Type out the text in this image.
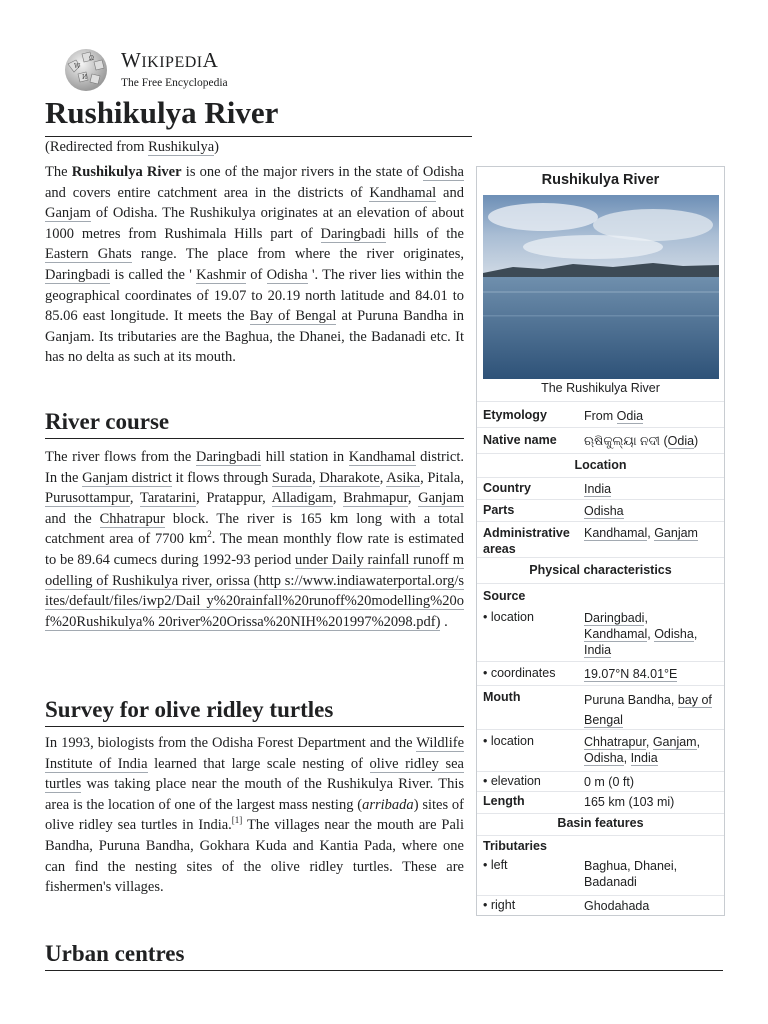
W
Ω
И
WIKIPEDIA
The Free Encyclopedia
Rushikulya River
(Redirected from Rushikulya)
The Rushikulya River is one of the major rivers in the state of Odisha and covers entire catchment area in the districts of Kandhamal and Ganjam of Odisha. The Rushikulya originates at an elevation of about 1000 metres from Rushimala Hills part of Daringbadi hills of the Eastern Ghats range. The place from where the river originates, Daringbadi is called the ' Kashmir of Odisha '. The river lies within the geographical coordinates of 19.07 to 20.19 north latitude and 84.01 to 85.06 east longitude. It meets the Bay of Bengal at Puruna Bandha in Ganjam. Its tributaries are the Baghua, the Dhanei, the Badanadi etc. It has no delta as such at its mouth.
River course
The river flows from the Daringbadi hill station in Kandhamal district. In the Ganjam district it flows through Surada, Dharakote, Asika, Pitala, Purusottampur, Taratarini, Pratappur, Alladigam, Brahmapur, Ganjam and the Chhatrapur block. The river is 165 km long with a total catchment area of 7700 $km^2$. The mean monthly flow rate is estimated to be 89.64 cumecs during 1992-93 period under Daily rainfall runoff modelling of Rushikulya river, orissa (http s://www.indiawaterportal.org/sites/default/files/iwp2/Dail y%20rainfall%20runoff%20modelling%20of%20Rushikulya% 20river%20Orissa%20NIH%201997%2098.pdf) .
Survey for olive ridley turtles
In 1993, biologists from the Odisha Forest Department and the Wildlife Institute of India learned that large scale nesting of olive ridley sea turtles was taking place near the mouth of the Rushikulya River. This area is the location of one of the largest mass nesting (arribada) sites of olive ridley sea turtles in India.[1] The villages near the mouth are Pali Bandha, Puruna Bandha, Gokhara Kuda and Kantia Pada, where one can find the nesting sites of the olive ridley turtles. These are fishermen's villages.
Urban centres
Rushikulya River
The Rushikulya River
Etymology	From Odia
Native name ଋଷିକୁଲ୍ୟା ନଦୀ (Odia)
Location
Country	India
Parts	Odisha
Administrative areas
Kandhamal, Ganjam
Physical characteristics
Source
• location	Daringbadi,
Kandhamal, Odisha,
India
• coordinates 19.07°N 84.01°E
Mouth	Puruna Bandha, bay of Bengal
• location	Chhatrapur, Ganjam,
Odisha, India
• elevation	0 m (0 ft)
Length	165 km (103 mi)
Basin features
Tributaries
• left	Baghua, Dhanei, Badanadi
• right	Ghodahada
